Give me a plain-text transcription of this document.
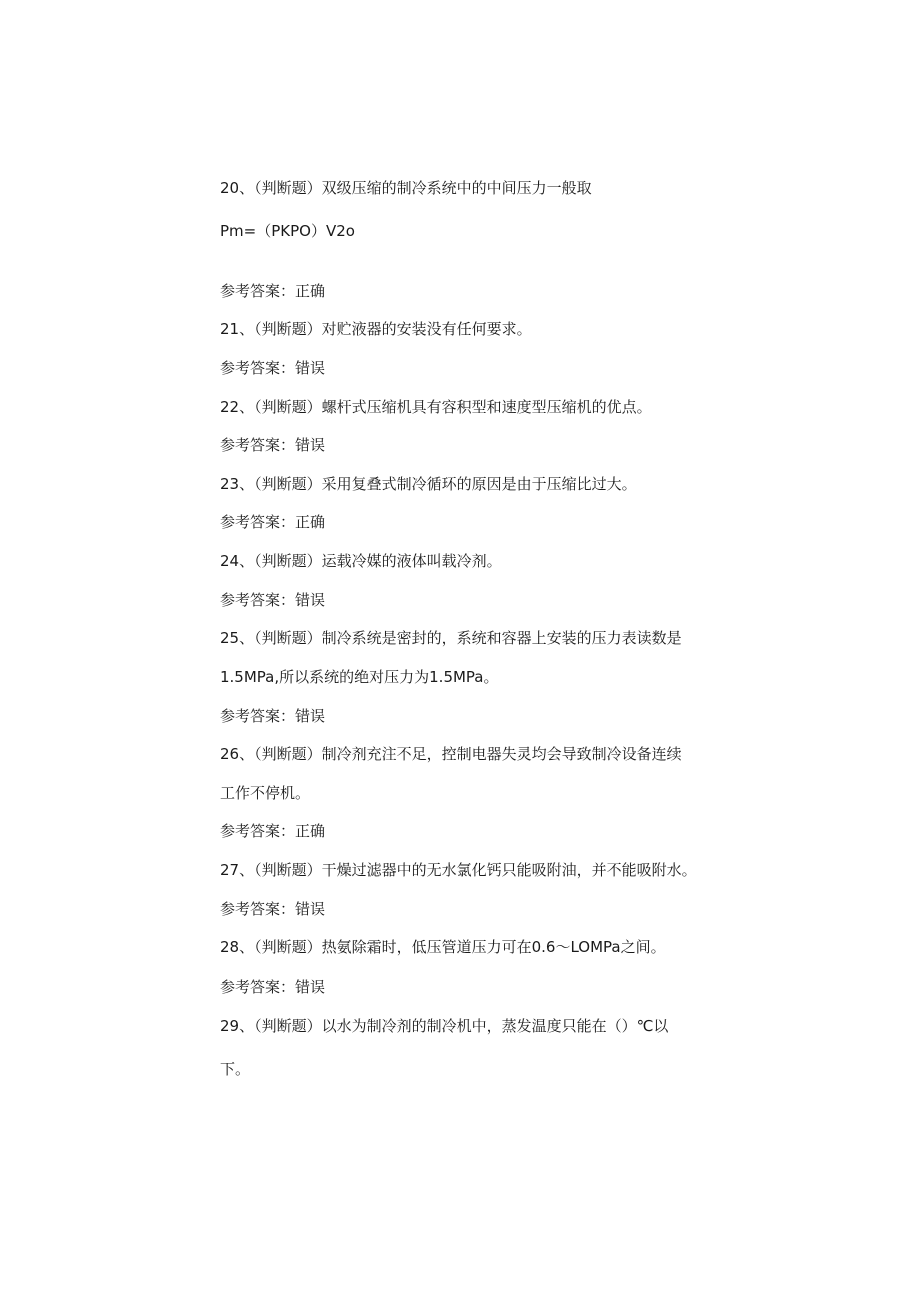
20、（判断题）双级压缩的制冷系统中的中间压力一般取
Pm=（PKPO）V2o
参考答案：正确
21、（判断题）对贮液器的安装没有任何要求。
参考答案：错误
22、（判断题）螺杆式压缩机具有容积型和速度型压缩机的优点。
参考答案：错误
23、（判断题）采用复叠式制冷循环的原因是由于压缩比过大。
参考答案：正确
24、（判断题）运载冷媒的液体叫载冷剂。
参考答案：错误
25、（判断题）制冷系统是密封的，系统和容器上安装的压力表读数是
1.5MPa,所以系统的绝对压力为1.5MPa。
参考答案：错误
26、（判断题）制冷剂充注不足，控制电器失灵均会导致制冷设备连续
工作不停机。
参考答案：正确
27、（判断题）干燥过滤器中的无水氯化钙只能吸附油，并不能吸附水。
参考答案：错误
28、（判断题）热氨除霜时，低压管道压力可在0.6〜LOMPa之间。
参考答案：错误
29、（判断题）以水为制冷剂的制冷机中，蒸发温度只能在（）℃以
下。
